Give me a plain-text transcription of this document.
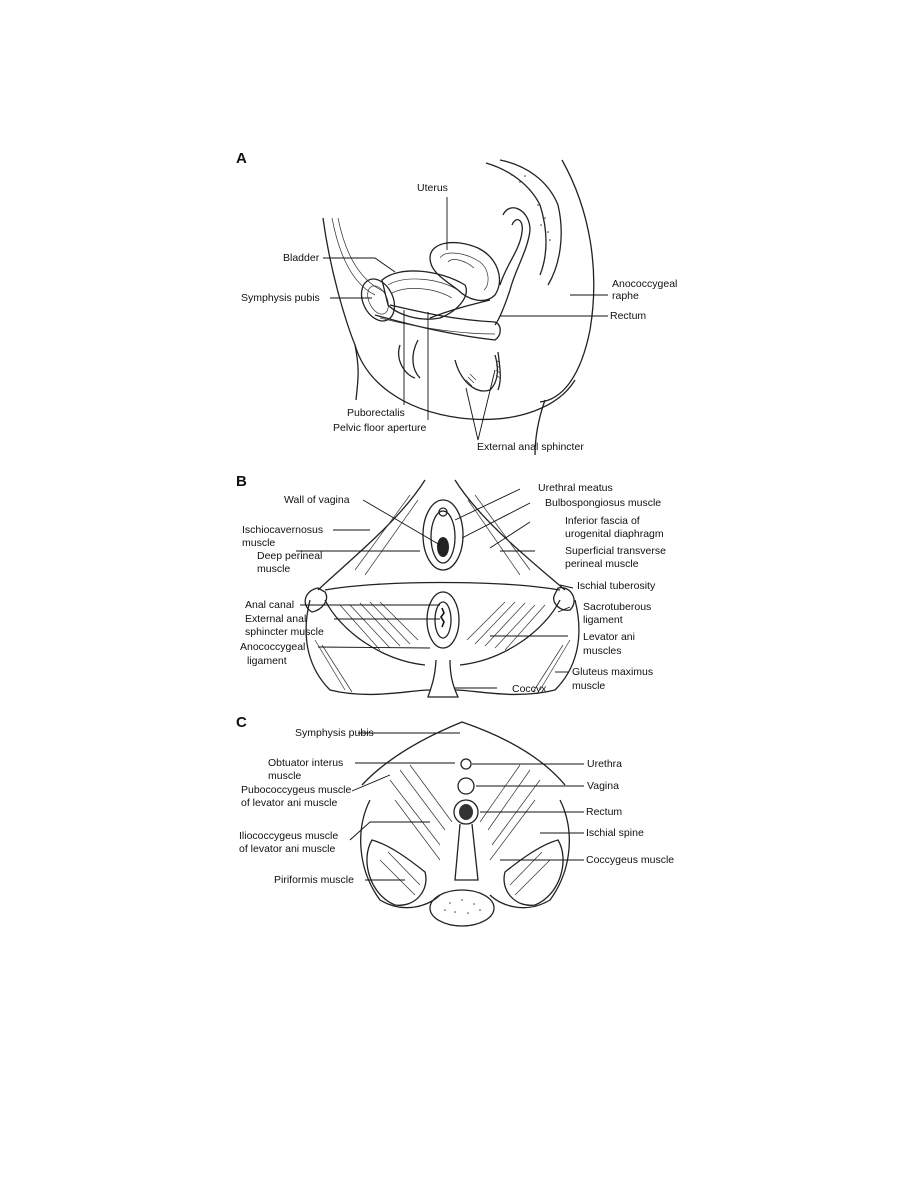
A
B
C
Uterus
Bladder
Symphysis pubis
Anococcygeal
raphe
Rectum
Puborectalis
Pelvic floor aperture
External anal sphincter
Wall of vagina
Urethral meatus
Bulbospongiosus muscle
Ischiocavernosus
muscle
Inferior fascia of
urogenital diaphragm
Deep perineal
muscle
Superficial transverse
perineal muscle
Ischial tuberosity
Anal canal
External anal
sphincter muscle
Sacrotuberous
ligament
Anococcygeal
ligament
Levator ani
muscles
Gluteus maximus
muscle
Coccyx
Symphysis pubis
Obtuator interus
muscle
Urethra
Pubococcygeus muscle
of levator ani muscle
Vagina
Rectum
Iliococcygeus muscle
of levator ani muscle
Ischial spine
Coccygeus muscle
Piriformis muscle
